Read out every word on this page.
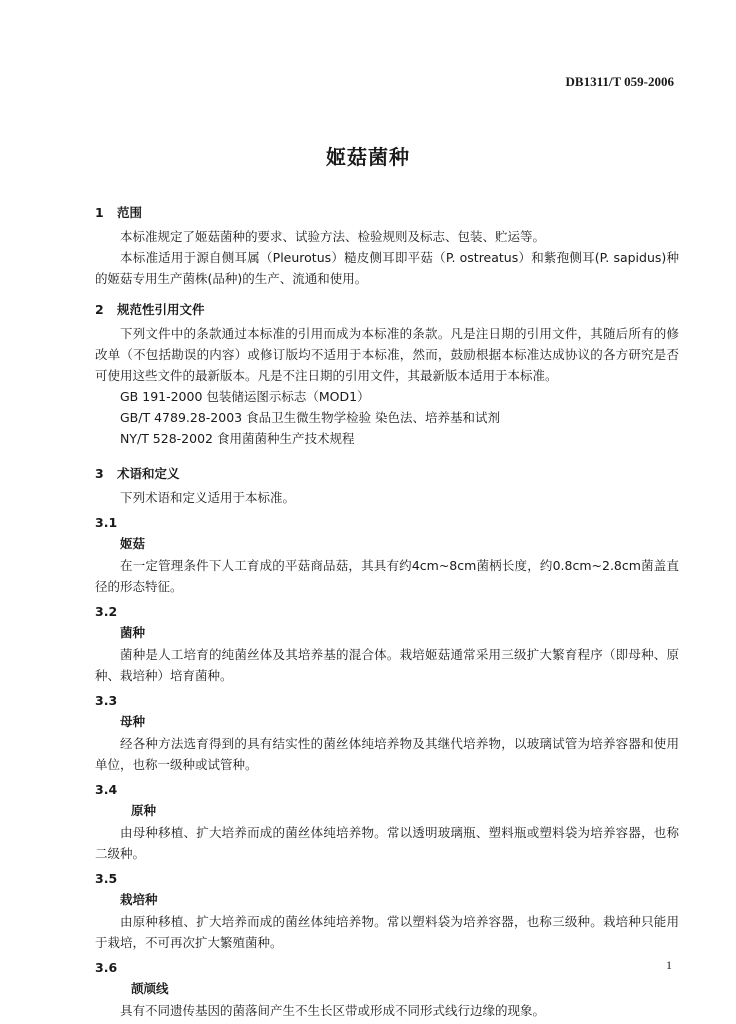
DB1311/T 059-2006
姬菇菌种
1 范围

本标准规定了姬菇菌种的要求、试验方法、检验规则及标志、包装、贮运等。

本标准适用于源自侧耳属（Pleurotus）糙皮侧耳即平菇（P. ostreatus）和紫孢侧耳(P. sapidus)种的姬菇专用生产菌株(品种)的生产、流通和使用。

2 规范性引用文件

下列文件中的条款通过本标准的引用而成为本标准的条款。凡是注日期的引用文件，其随后所有的修改单（不包括勘误的内容）或修订版均不适用于本标准，然而，鼓励根据本标准达成协议的各方研究是否可使用这些文件的最新版本。凡是不注日期的引用文件，其最新版本适用于本标准。

GB 191-2000 包装储运图示标志（MOD1）

GB/T 4789.28-2003 食品卫生微生物学检验 染色法、培养基和试剂

NY/T 528-2002 食用菌菌种生产技术规程

3 术语和定义

下列术语和定义适用于本标准。

3.1
姬菇

在一定管理条件下人工育成的平菇商品菇，其具有约4cm~8cm菌柄长度，约0.8cm~2.8cm菌盖直径的形态特征。

3.2
菌种

菌种是人工培育的纯菌丝体及其培养基的混合体。栽培姬菇通常采用三级扩大繁育程序（即母种、原种、栽培种）培育菌种。

3.3
母种

经各种方法选育得到的具有结实性的菌丝体纯培养物及其继代培养物，以玻璃试管为培养容器和使用单位，也称一级种或试管种。

3.4
原种

由母种移植、扩大培养而成的菌丝体纯培养物。常以透明玻璃瓶、塑料瓶或塑料袋为培养容器，也称二级种。

3.5
栽培种

由原种移植、扩大培养而成的菌丝体纯培养物。常以塑料袋为培养容器，也称三级种。栽培种只能用于栽培，不可再次扩大繁殖菌种。

3.6
颉颃线

具有不同遗传基因的菌落间产生不生长区带或形成不同形式线行边缘的现象。

1
